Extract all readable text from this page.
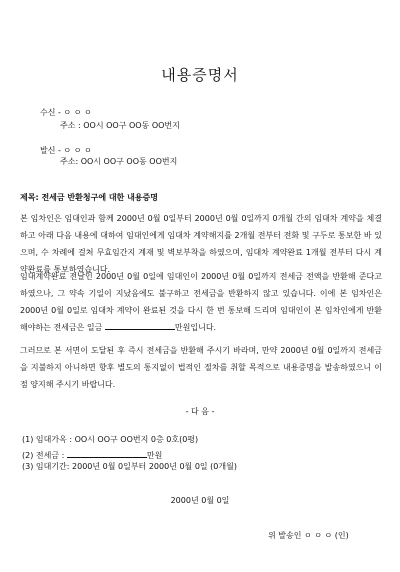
내용증명서
수신 - ㅇ ㅇ ㅇ
주소 : OO시 OO구 OO동 OO번지
발신 - ㅇ ㅇ ㅇ
주소: OO시 OO구 OO동 OO번지
제목: 전세금 반환청구에 대한 내용증명
본 임차인은 임대인과 함께 2000년 0월 0일부터 2000년 0월 0일까지 0개월 간의 임대차 계약을 체결하고 아래 다음 내용에 대하여 임대인에게 임대차 계약해지를 2개월 전부터 전화 및 구두로 통보한 바 있으며, 수 차례에 걸쳐 무효임간지 계재 및 벽보부착을 하였으며, 임대차 계약완료 1개월 전부터 다시 계약완료를 통보하였습니다.
임대계약완료 전날인 2000년 0월 0일에 임대인이 2000년 0월 0일까지 전세금 전액을 반환해 준다고 하였으나, 그 약속 기일이 지났음에도 불구하고 전세금을 반환하지 않고 있습니다. 이에 본 임차인은 2000년 0월 0일로 임대차 계약이 완료된 것을 다시 한 번 통보해 드리며 임대인이 본 임차인에게 반환해야하는 전세금은 일금	만원입니다.
그러므로 본 서면이 도달된 후 즉시 전세금을 반환해 주시기 바라며, 만약 2000년 0월 0일까지 전세금을 지불하지 아니하면 향후 별도의 통지없이 법적인 절차를 취할 목적으로 내용증명을 발송하였으니 이점 양지해 주시기 바랍니다.
- 다 음 -
(1) 임대가옥 : OO시 OO구 OO번지 0층 0호(0평)
(2) 전세금 :	만원
(3) 임대기간: 2000년 0월 0일부터 2000년 0월 0일 (0개월)
2000년 0월 0일
위 발송인 ㅇ ㅇ ㅇ (인)
